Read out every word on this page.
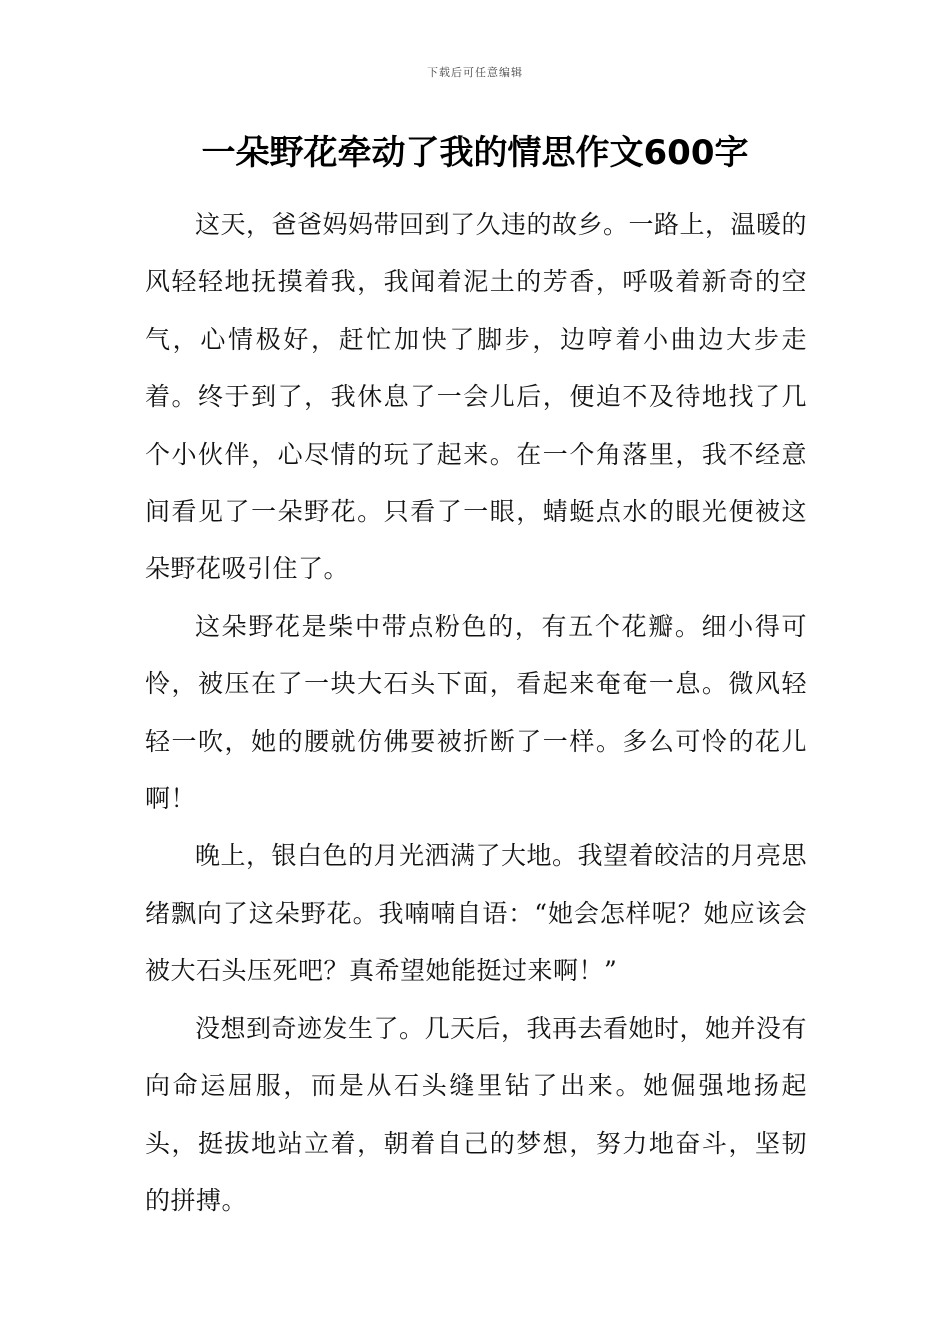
下载后可任意编辑
一朵野花牵动了我的情思作文600字

这天，爸爸妈妈带回到了久违的故乡。一路上，温暖的风轻轻地抚摸着我，我闻着泥土的芳香，呼吸着新奇的空气，心情极好，赶忙加快了脚步，边哼着小曲边大步走着。终于到了，我休息了一会儿后，便迫不及待地找了几个小伙伴，心尽情的玩了起来。在一个角落里，我不经意间看见了一朵野花。只看了一眼，蜻蜓点水的眼光便被这朵野花吸引住了。

这朵野花是柴中带点粉色的，有五个花瓣。细小得可怜，被压在了一块大石头下面，看起来奄奄一息。微风轻轻一吹，她的腰就仿佛要被折断了一样。多么可怜的花儿啊！

晚上，银白色的月光洒满了大地。我望着皎洁的月亮思绪飘向了这朵野花。我喃喃自语：“她会怎样呢？她应该会被大石头压死吧？真希望她能挺过来啊！”

没想到奇迹发生了。几天后，我再去看她时，她并没有向命运屈服，而是从石头缝里钻了出来。她倔强地扬起头，挺拔地站立着，朝着自己的梦想，努力地奋斗，坚韧的拼搏。
